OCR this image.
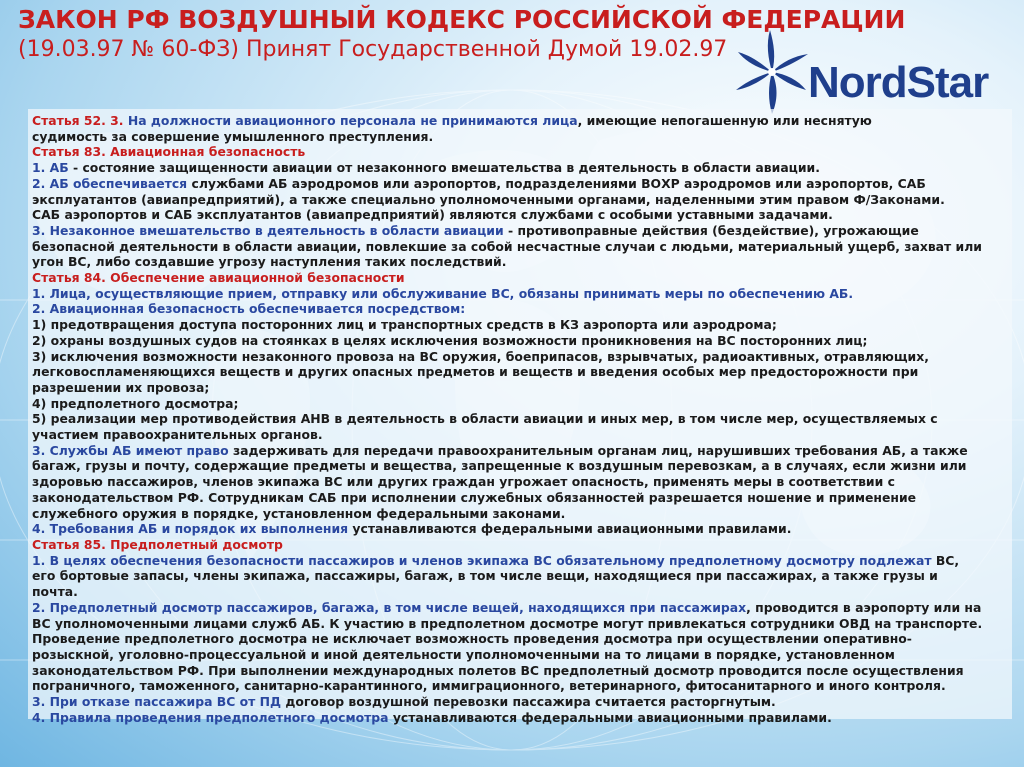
ЗАКОН РФ ВОЗДУШНЫЙ КОДЕКС РОССИЙСКОЙ ФЕДЕРАЦИИ
(19.03.97 № 60-ФЗ) Принят Государственной Думой 19.02.97
NordStar
Статья 52. 3. На должности авиационного персонала не принимаются лица, имеющие непогашенную или неснятую
судимость за совершение умышленного преступления.
Статья 83. Авиационная безопасность
1. АБ - состояние защищенности авиации от незаконного вмешательства в деятельность в области авиации.
2. АБ обеспечивается службами АБ аэродромов или аэропортов, подразделениями ВОХР аэродромов или аэропортов, САБ
эксплуатантов (авиапредприятий), а также специально уполномоченными органами, наделенными этим правом Ф/Законами.
САБ аэропортов и САБ эксплуатантов (авиапредприятий) являются службами с особыми уставными задачами.
3. Незаконное вмешательство в деятельность в области авиации - противоправные действия (бездействие), угрожающие
безопасной деятельности в области авиации, повлекшие за собой несчастные случаи с людьми, материальный ущерб, захват или
угон ВС, либо создавшие угрозу наступления таких последствий.
Статья 84. Обеспечение авиационной безопасности
1. Лица, осуществляющие прием, отправку или обслуживание ВС, обязаны принимать меры по обеспечению АБ.
2. Авиационная безопасность обеспечивается посредством:
1) предотвращения доступа посторонних лиц и транспортных средств в КЗ аэропорта или аэродрома;
2) охраны воздушных судов на стоянках в целях исключения возможности проникновения на ВС посторонних лиц;
3) исключения возможности незаконного провоза на ВС оружия, боеприпасов, взрывчатых, радиоактивных, отравляющих,
легковоспламеняющихся веществ и других опасных предметов и веществ и введения особых мер предосторожности при
разрешении их провоза;
4) предполетного досмотра;
5) реализации мер противодействия АНВ в деятельность в области авиации и иных мер, в том числе мер, осуществляемых с
участием правоохранительных органов.
3. Службы АБ имеют право задерживать для передачи правоохранительным органам лиц, нарушивших требования АБ, а также
багаж, грузы и почту, содержащие предметы и вещества, запрещенные к воздушным перевозкам, а в случаях, если жизни или
здоровью пассажиров, членов экипажа ВС или других граждан угрожает опасность, применять меры в соответствии с
законодательством РФ. Сотрудникам САБ при исполнении служебных обязанностей разрешается ношение и применение
служебного оружия в порядке, установленном федеральными законами.
4. Требования АБ и порядок их выполнения устанавливаются федеральными авиационными правилами.
Статья 85. Предполетный досмотр
1. В целях обеспечения безопасности пассажиров и членов экипажа ВС обязательному предполетному досмотру подлежат ВС,
его бортовые запасы, члены экипажа, пассажиры, багаж, в том числе вещи, находящиеся при пассажирах, а также грузы и
почта.
2. Предполетный досмотр пассажиров, багажа, в том числе вещей, находящихся при пассажирах, проводится в аэропорту или на
ВС уполномоченными лицами служб АБ. К участию в предполетном досмотре могут привлекаться сотрудники ОВД на транспорте.
Проведение предполетного досмотра не исключает возможность проведения досмотра при осуществлении оперативно-
розыскной, уголовно-процессуальной и иной деятельности уполномоченными на то лицами в порядке, установленном
законодательством РФ. При выполнении международных полетов ВС предполетный досмотр проводится после осуществления
пограничного, таможенного, санитарно-карантинного, иммиграционного, ветеринарного, фитосанитарного и иного контроля.
3. При отказе пассажира ВС от ПД договор воздушной перевозки пассажира считается расторгнутым.
4. Правила проведения предполетного досмотра устанавливаются федеральными авиационными правилами.
